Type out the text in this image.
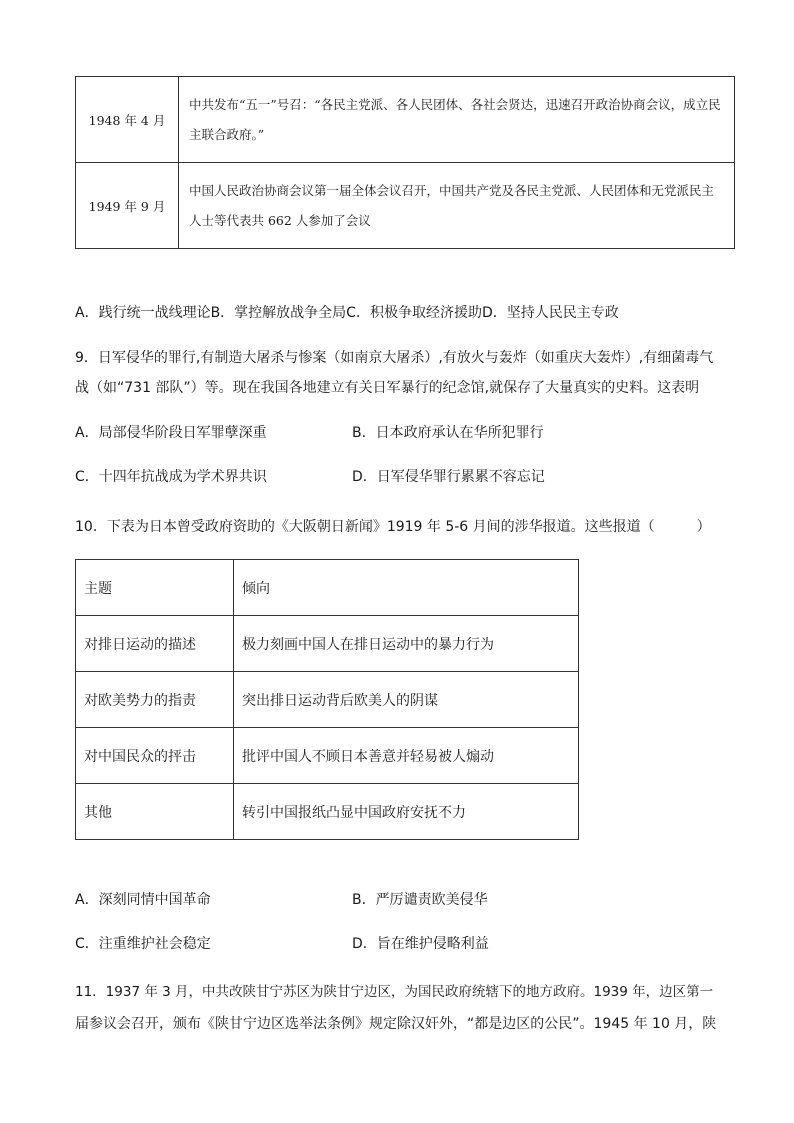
1948 年 4 月	中共发布“五一”号召：“各民主党派、各人民团体、各社会贤达，迅速召开政治协商会议，成立民主联合政府。”
1949 年 9 月	中国人民政治协商会议第一届全体会议召开，中国共产党及各民主党派、人民团体和无党派民主人士等代表共 662 人参加了会议
A．践行统一战线理论B．掌控解放战争全局C．积极争取经济援助D．坚持人民民主专政
9．日军侵华的罪行,有制造大屠杀与惨案（如南京大屠杀）,有放火与轰炸（如重庆大轰炸）,有细菌毒气
战（如“731 部队”）等。现在我国各地建立有关日军暴行的纪念馆,就保存了大量真实的史料。这表明
A．局部侵华阶段日军罪孽深重	B．日本政府承认在华所犯罪行
C．十四年抗战成为学术界共识	D．日军侵华罪行累累不容忘记
10．下表为日本曾受政府资助的《大阪朝日新闻》1919 年 5-6 月间的涉华报道。这些报道（　　　）
主题	倾向
对排日运动的描述	极力刻画中国人在排日运动中的暴力行为
对欧美势力的指责	突出排日运动背后欧美人的阴谋
对中国民众的抨击	批评中国人不顾日本善意并轻易被人煽动
其他	转引中国报纸凸显中国政府安抚不力
A．深刻同情中国革命	B．严厉谴责欧美侵华
C．注重维护社会稳定	D．旨在维护侵略利益
11．1937 年 3 月，中共改陕甘宁苏区为陕甘宁边区，为国民政府统辖下的地方政府。1939 年，边区第一
届参议会召开，颁布《陕甘宁边区选举法条例》规定除汉奸外，“都是边区的公民”。1945 年 10 月，陕
